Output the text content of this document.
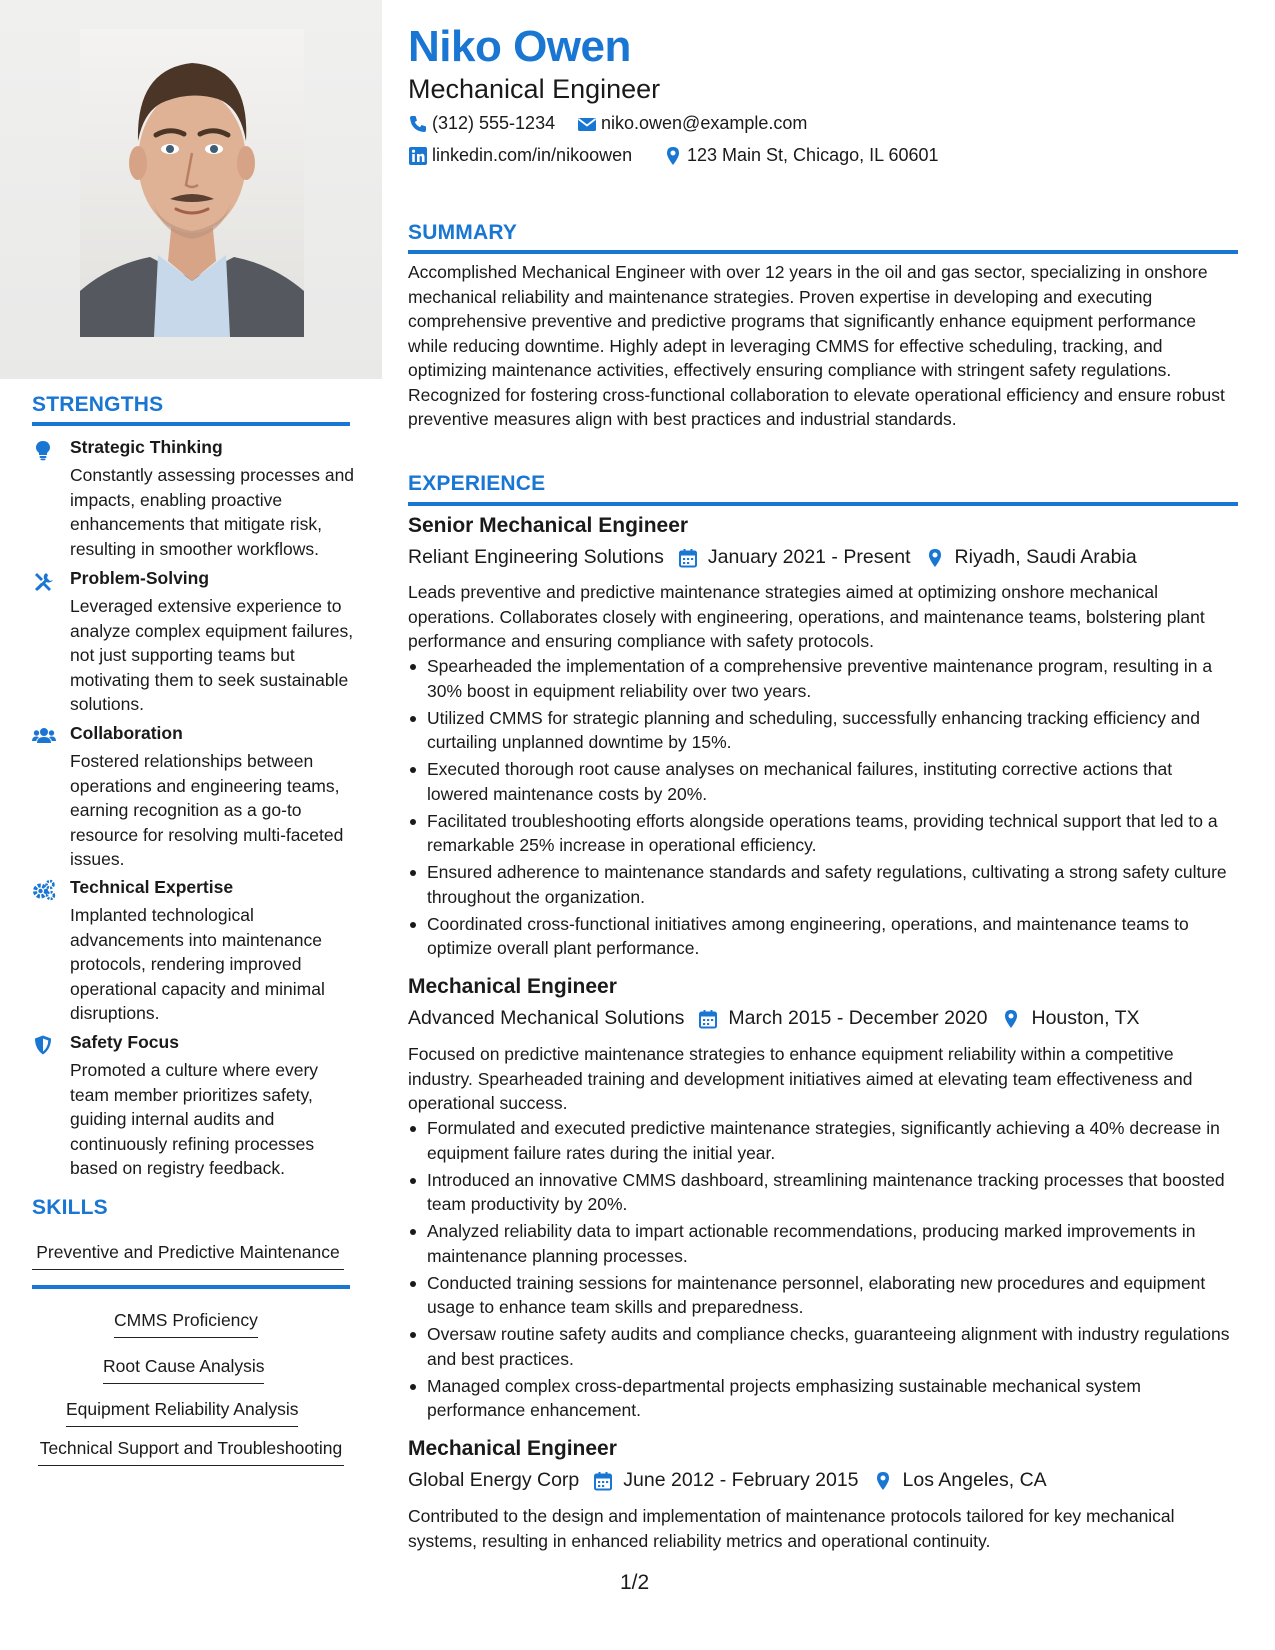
STRENGTHS
Strategic Thinking
Constantly assessing processes and impacts, enabling proactive enhancements that mitigate risk, resulting in smoother workflows.
Problem-Solving
Leveraged extensive experience to analyze complex equipment failures, not just supporting teams but motivating them to seek sustainable solutions.
Collaboration
Fostered relationships between operations and engineering teams, earning recognition as a go-to resource for resolving multi-faceted issues.
Technical Expertise
Implanted technological advancements into maintenance protocols, rendering improved operational capacity and minimal disruptions.
Safety Focus
Promoted a culture where every team member prioritizes safety, guiding internal audits and continuously refining processes based on registry feedback.
SKILLS
Preventive and Predictive Maintenance
CMMS Proficiency
Root Cause Analysis
Equipment Reliability Analysis
Technical Support and Troubleshooting
Niko Owen
Mechanical Engineer
(312) 555-1234	niko.owen@example.com
linkedin.com/in/nikoowen	123 Main St, Chicago, IL 60601
SUMMARY
Accomplished Mechanical Engineer with over 12 years in the oil and gas sector, specializing in onshore mechanical reliability and maintenance strategies. Proven expertise in developing and executing comprehensive preventive and predictive programs that significantly enhance equipment performance while reducing downtime. Highly adept in leveraging CMMS for effective scheduling, tracking, and optimizing maintenance activities, effectively ensuring compliance with stringent safety regulations. Recognized for fostering cross-functional collaboration to elevate operational efficiency and ensure robust preventive measures align with best practices and industrial standards.
EXPERIENCE
Senior Mechanical Engineer
Reliant Engineering Solutions January 2021 - Present Riyadh, Saudi Arabia
Leads preventive and predictive maintenance strategies aimed at optimizing onshore mechanical operations. Collaborates closely with engineering, operations, and maintenance teams, bolstering plant performance and ensuring compliance with safety protocols.
Spearheaded the implementation of a comprehensive preventive maintenance program, resulting in a 30% boost in equipment reliability over two years.
Utilized CMMS for strategic planning and scheduling, successfully enhancing tracking efficiency and curtailing unplanned downtime by 15%.
Executed thorough root cause analyses on mechanical failures, instituting corrective actions that lowered maintenance costs by 20%.
Facilitated troubleshooting efforts alongside operations teams, providing technical support that led to a remarkable 25% increase in operational efficiency.
Ensured adherence to maintenance standards and safety regulations, cultivating a strong safety culture throughout the organization.
Coordinated cross-functional initiatives among engineering, operations, and maintenance teams to optimize overall plant performance.
Mechanical Engineer
Advanced Mechanical Solutions March 2015 - December 2020 Houston, TX
Focused on predictive maintenance strategies to enhance equipment reliability within a competitive industry. Spearheaded training and development initiatives aimed at elevating team effectiveness and operational success.
Formulated and executed predictive maintenance strategies, significantly achieving a 40% decrease in equipment failure rates during the initial year.
Introduced an innovative CMMS dashboard, streamlining maintenance tracking processes that boosted team productivity by 20%.
Analyzed reliability data to impart actionable recommendations, producing marked improvements in maintenance planning processes.
Conducted training sessions for maintenance personnel, elaborating new procedures and equipment usage to enhance team skills and preparedness.
Oversaw routine safety audits and compliance checks, guaranteeing alignment with industry regulations and best practices.
Managed complex cross-departmental projects emphasizing sustainable mechanical system performance enhancement.
Mechanical Engineer
Global Energy Corp June 2012 - February 2015 Los Angeles, CA
Contributed to the design and implementation of maintenance protocols tailored for key mechanical systems, resulting in enhanced reliability metrics and operational continuity.
1/2
